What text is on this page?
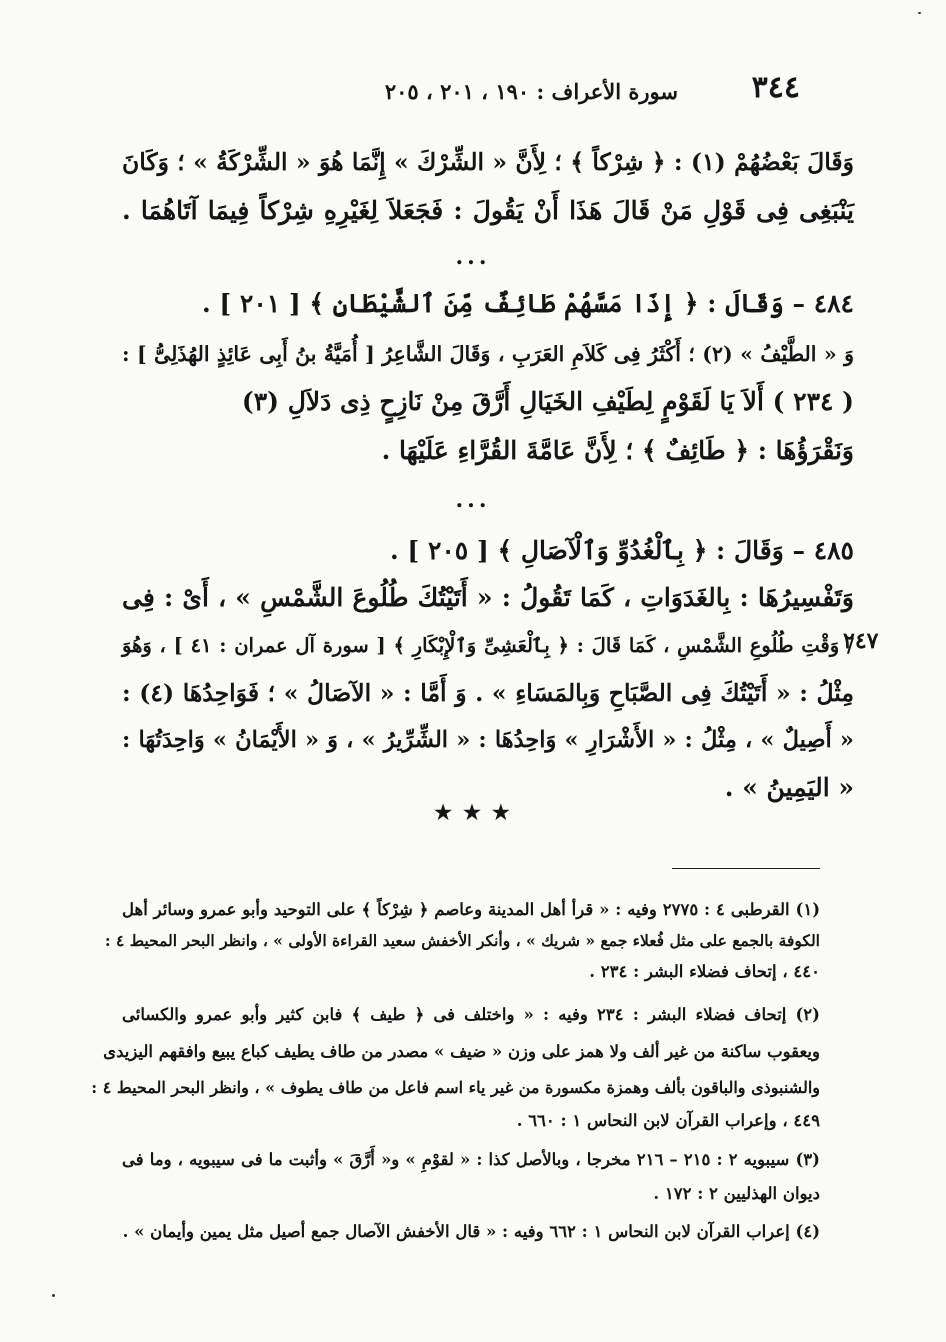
٣٤٤
سورة الأعراف : ١٩٠ ، ٢٠١ ، ٢٠٥
وَقَالَ بَعْضُهُمْ (١) : ﴿ شِرْكاً ﴾ ؛ لِأَنَّ « الشِّرْكَ » إِنَّمَا هُوَ « الشِّرْكَةُ » ؛ وَكَانَ
يَنْبَغِى فِى قَوْلِ مَنْ قَالَ هَذَا أَنْ يَقُولَ : فَجَعَلاَ لِغَيْرِهِ شِرْكاً فِيمَا آتَاهُمَا .
...
٤٨٤ – وَقَالَ : ﴿ إِذَا مَسَّهُمْ طَائِفٌ مِّنَ ٱلشَّيْطَانِ ﴾ [ ٢٠١ ] .
وَ « الطَّيْفُ » (٢) ؛ أَكْثَرُ فِى كَلاَمِ العَرَبِ ، وَقَالَ الشَّاعِرُ [ أُمَيَّةُ بنُ أَبِى عَائِذٍ الهُذَلِىُّ ] :
( ٢٣٤ ) أَلاَ يَا لَقَوْمٍ لِطَيْفِ الخَيَالِ أَرَّقَ مِنْ نَازِحٍ ذِى دَلاَلِ (٣)
وَنَقْرَؤُهَا : ﴿ طَائِفٌ ﴾ ؛ لِأَنَّ عَامَّةَ القُرَّاءِ عَلَيْهَا .
...
٤٨٥ – وَقَالَ : ﴿ بِٱلْغُدُوِّ وَٱلْآصَالِ ﴾ [ ٢٠٥ ] .
وَتَفْسِيرُهَا : بِالغَدَوَاتِ ، كَمَا تَقُولُ : « أَتَيْتُكَ طُلُوعَ الشَّمْسِ » ، أَىْ : فِى
/ وَقْتِ طُلُوعِ الشَّمْسِ ، كَمَا قَالَ : ﴿ بِٱلْعَشِىِّ وَٱلْإِبْكَارِ ﴾ [ سورة آل عمران : ٤١ ] ، وَهُوَ
مِثْلُ : « أَتَيْتُكَ فِى الصَّبَاحِ وَبِالمَسَاءِ » . وَ أَمَّا : « الآصَالُ » ؛ فَوَاحِدُهَا (٤) :
« أَصِيلٌ » ، مِثْلُ : « الأَشْرَارِ » وَاحِدُهَا : « الشِّرِّيرُ » ، وَ « الأَيْمَانُ » وَاحِدَتُهَا :
« اليَمِينُ » .
٢٤٧
★ ★ ★
(١) القرطبى ٤ : ٢٧٧٥ وفيه : « قرأ أهل المدينة وعاصم ﴿ شِرْكاً ﴾ على التوحيد وأبو عمرو وسائر أهل
الكوفة بالجمع على مثل فُعلاء جمع « شريك » ، وأنكر الأخفش سعيد القراءة الأولى » ، وانظر البحر المحيط ٤ :
٤٤٠ ، إتحاف فضلاء البشر : ٢٣٤ .
(٢) إتحاف فضلاء البشر : ٢٣٤ وفيه : « واختلف فى ﴿ طيف ﴾ فابن كثير وأبو عمرو والكسائى
ويعقوب ساكنة من غير ألف ولا همز على وزن « ضيف » مصدر من طاف يطيف كباع يبيع وافقهم اليزيدى
والشنبوذى والباقون بألف وهمزة مكسورة من غير ياء اسم فاعل من طاف يطوف » ، وانظر البحر المحيط ٤ :
٤٤٩ ، وإعراب القرآن لابن النحاس ١ : ٦٦٠ .
(٣) سيبويه ٢ : ٢١٥ – ٢١٦ مخرجا ، وبالأصل كذا : « لقوْمِ » و« أَرَّقَ » وأثبت ما فى سيبويه ، وما فى
ديوان الهذليين ٢ : ١٧٢ .
(٤) إعراب القرآن لابن النحاس ١ : ٦٦٢ وفيه : « قال الأخفش الآصال جمع أصيل مثل يمين وأيمان » .
